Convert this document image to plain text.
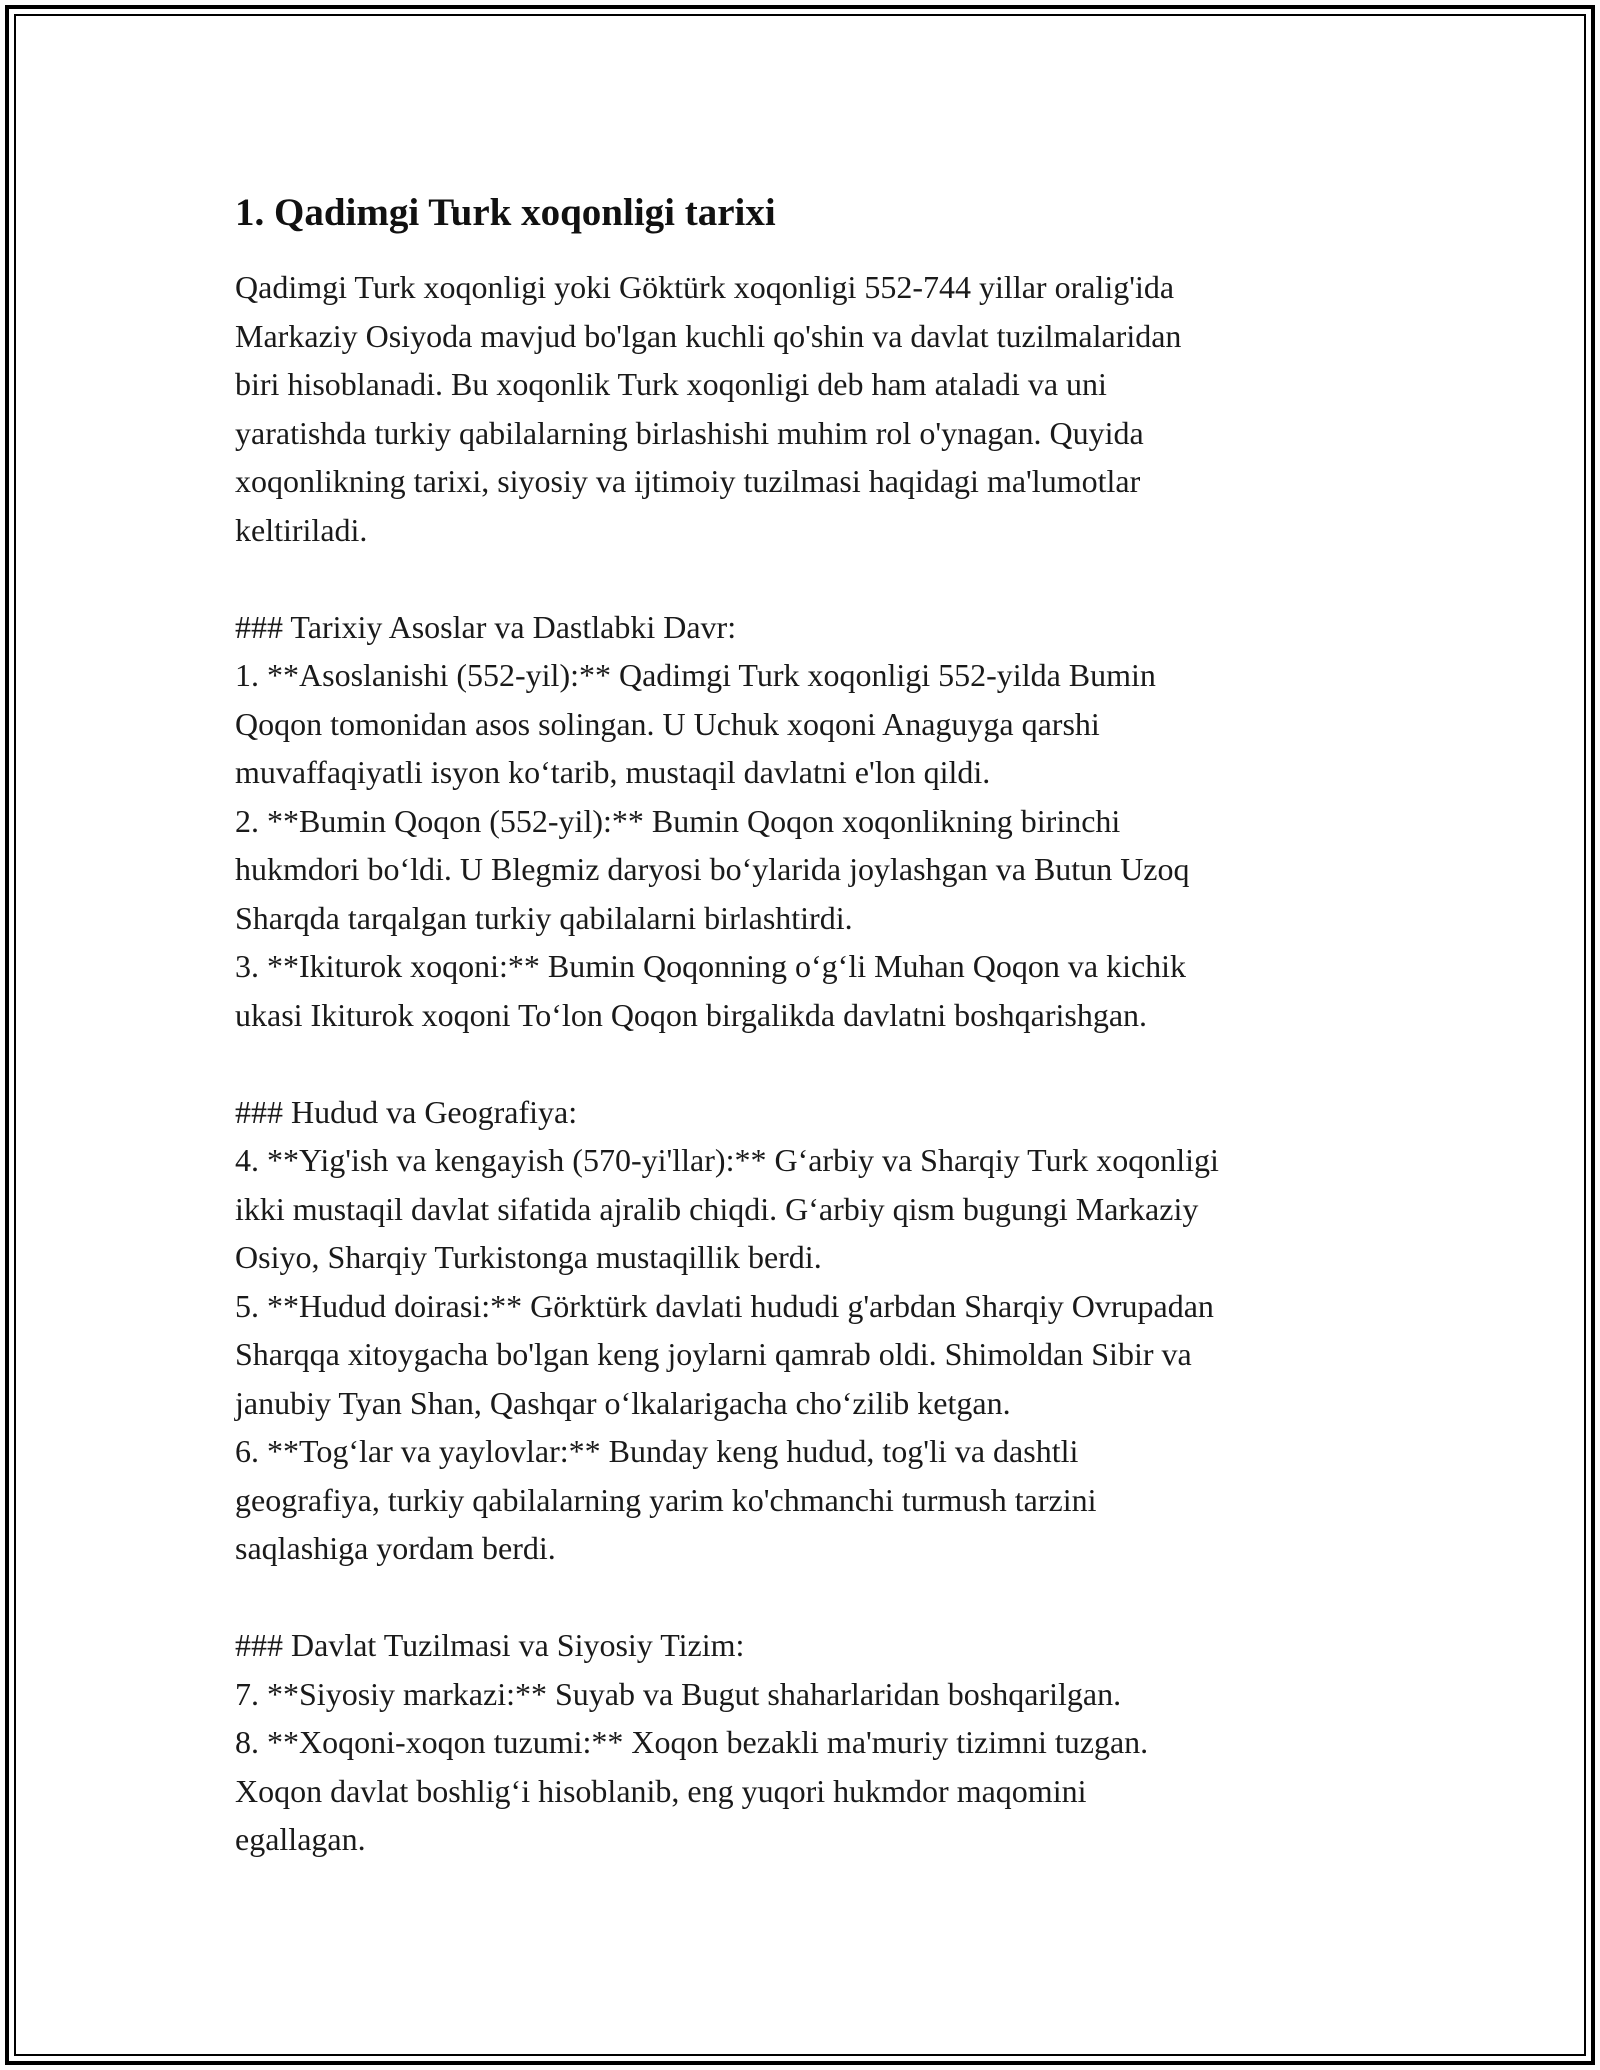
1. Qadimgi Turk xoqonligi tarixi
Qadimgi Turk xoqonligi yoki Göktürk xoqonligi 552-744 yillar oralig'ida
Markaziy Osiyoda mavjud bo'lgan kuchli qo'shin va davlat tuzilmalaridan
biri hisoblanadi. Bu xoqonlik Turk xoqonligi deb ham ataladi va uni
yaratishda turkiy qabilalarning birlashishi muhim rol o'ynagan. Quyida
xoqonlikning tarixi, siyosiy va ijtimoiy tuzilmasi haqidagi ma'lumotlar
keltiriladi.
### Tarixiy Asoslar va Dastlabki Davr:
1. **Asoslanishi (552-yil):** Qadimgi Turk xoqonligi 552-yilda Bumin
Qoqon tomonidan asos solingan. U Uchuk xoqoni Anaguyga qarshi
muvaffaqiyatli isyon koʻtarib, mustaqil davlatni e'lon qildi.
2. **Bumin Qoqon (552-yil):** Bumin Qoqon xoqonlikning birinchi
hukmdori boʻldi. U Blegmiz daryosi boʻylarida joylashgan va Butun Uzoq
Sharqda tarqalgan turkiy qabilalarni birlashtirdi.
3. **Ikiturok xoqoni:** Bumin Qoqonning oʻgʻli Muhan Qoqon va kichik
ukasi Ikiturok xoqoni Toʻlon Qoqon birgalikda davlatni boshqarishgan.
### Hudud va Geografiya:
4. **Yig'ish va kengayish (570-yi'llar):** Gʻarbiy va Sharqiy Turk xoqonligi
ikki mustaqil davlat sifatida ajralib chiqdi. Gʻarbiy qism bugungi Markaziy
Osiyo, Sharqiy Turkistonga mustaqillik berdi.
5. **Hudud doirasi:** Görktürk davlati hududi g'arbdan Sharqiy Ovrupadan
Sharqqa xitoygacha bo'lgan keng joylarni qamrab oldi. Shimoldan Sibir va
janubiy Tyan Shan, Qashqar oʻlkalarigacha choʻzilib ketgan.
6. **Togʻlar va yaylovlar:** Bunday keng hudud, tog'li va dashtli
geografiya, turkiy qabilalarning yarim ko'chmanchi turmush tarzini
saqlashiga yordam berdi.
### Davlat Tuzilmasi va Siyosiy Tizim:
7. **Siyosiy markazi:** Suyab va Bugut shaharlaridan boshqarilgan.
8. **Xoqoni-xoqon tuzumi:** Xoqon bezakli ma'muriy tizimni tuzgan.
Xoqon davlat boshligʻi hisoblanib, eng yuqori hukmdor maqomini
egallagan.
